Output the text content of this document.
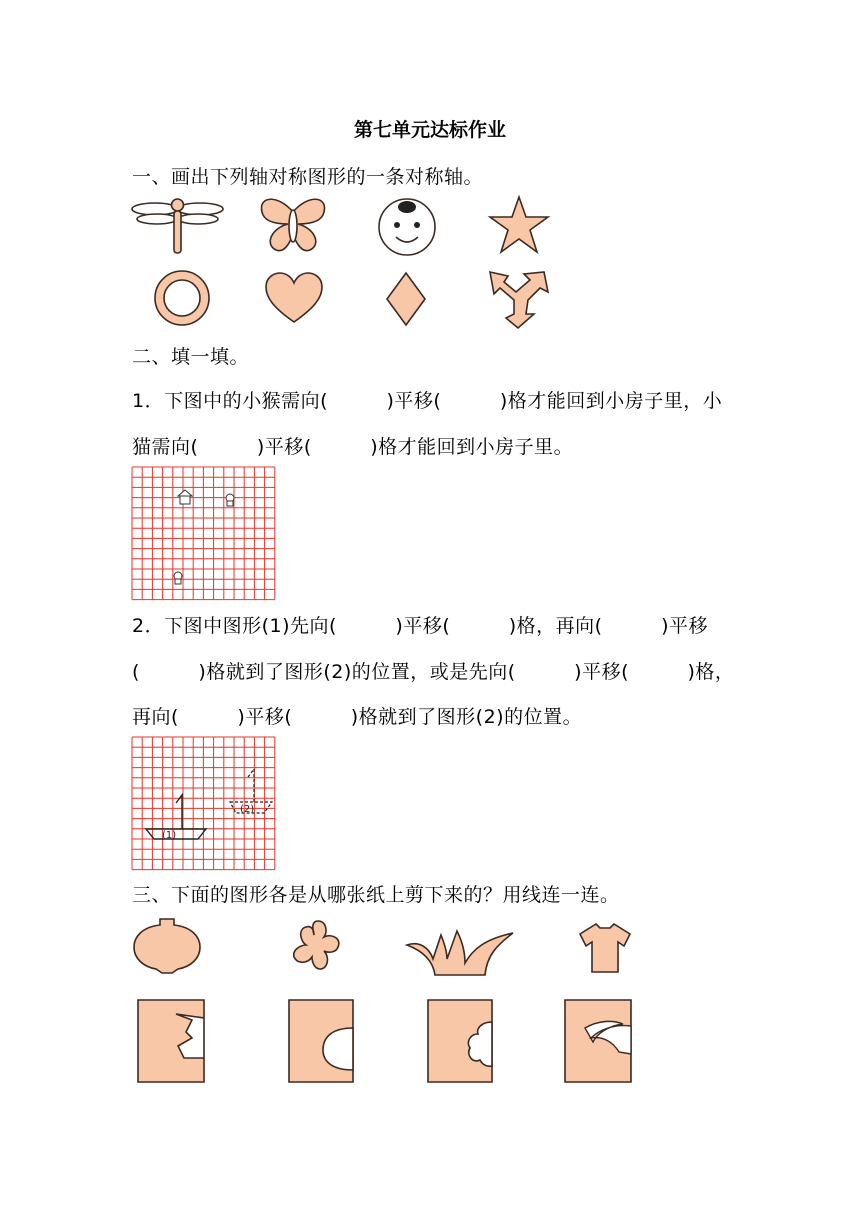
第七单元达标作业
一、画出下列轴对称图形的一条对称轴。
二、填一填。
1．下图中的小猴需向(　　　)平移(　　　)格才能回到小房子里，小
猫需向(　　　)平移(　　　)格才能回到小房子里。
2．下图中图形(1)先向(　　　)平移(　　　)格，再向(　　　)平移
(　　　)格就到了图形(2)的位置，或是先向(　　　)平移(　　　)格，
再向(　　　)平移(　　　)格就到了图形(2)的位置。
(1)
(2)
三、下面的图形各是从哪张纸上剪下来的？用线连一连。
